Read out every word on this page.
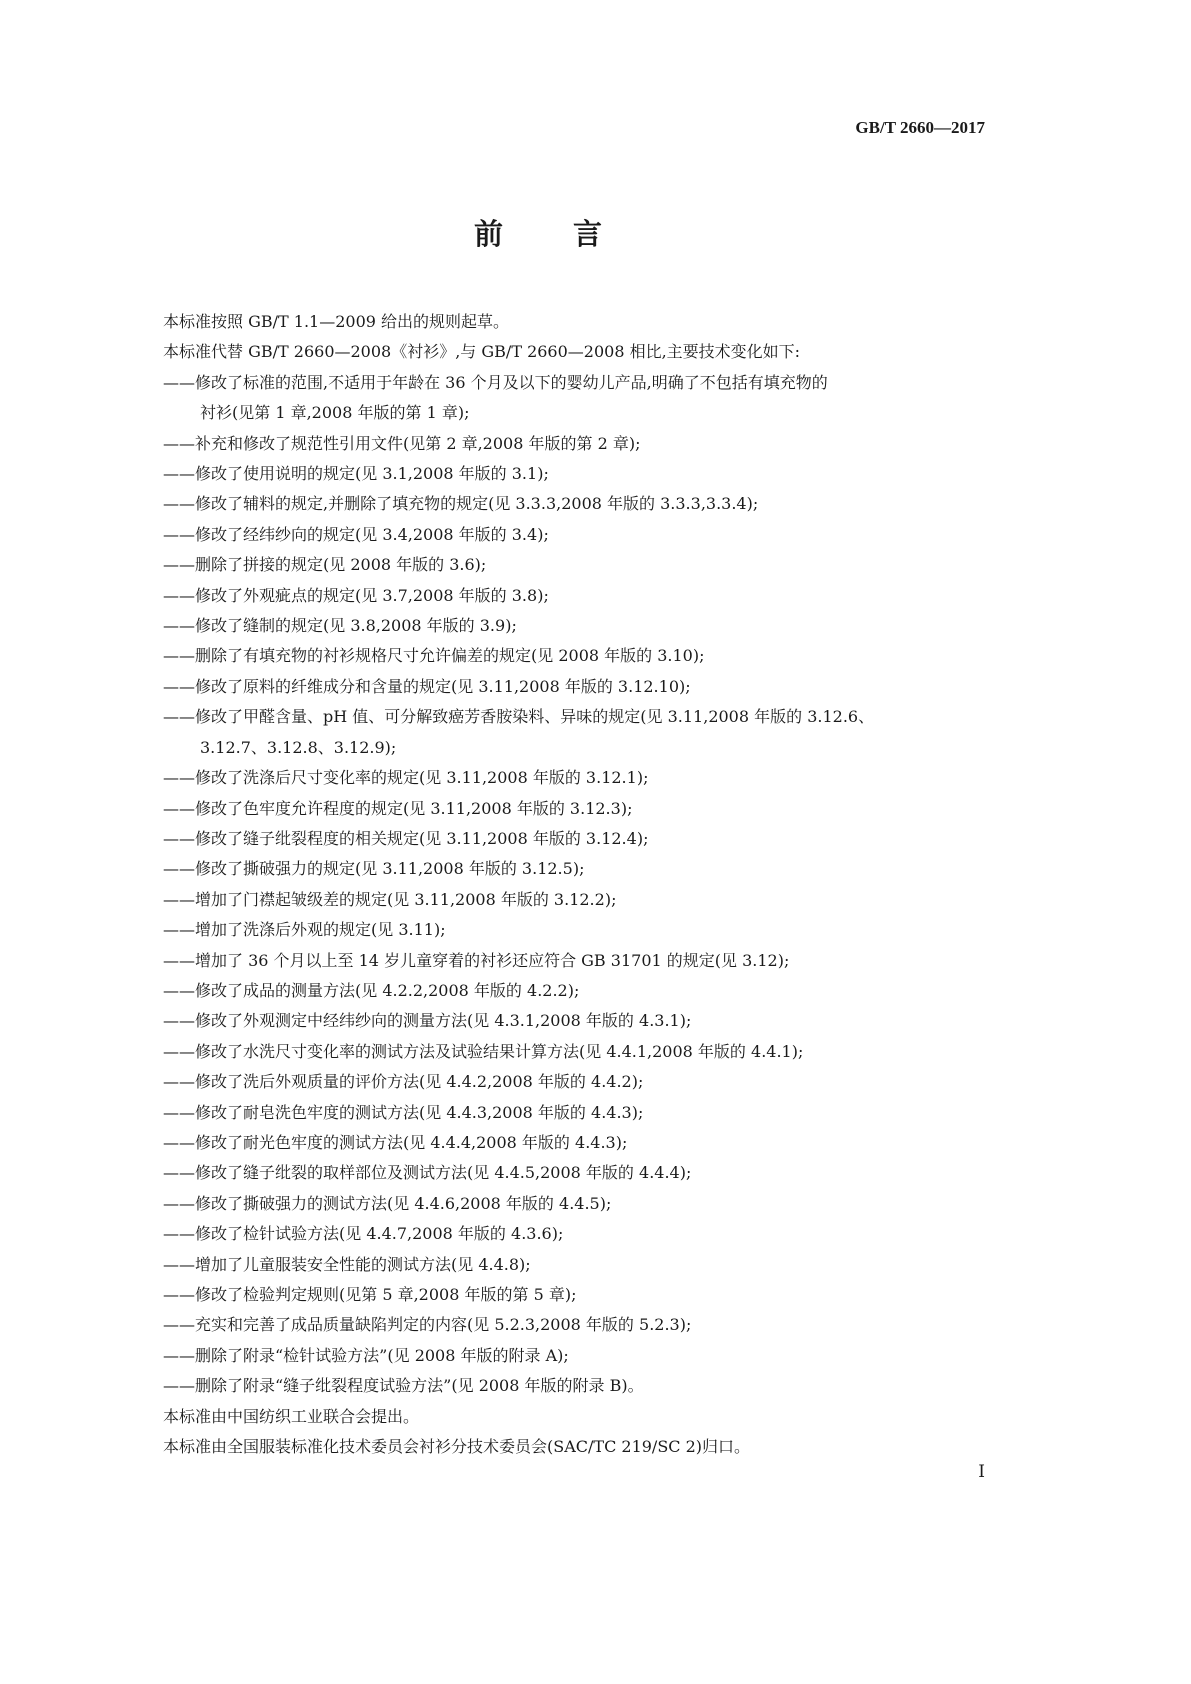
GB/T 2660—2017
前 言
本标准按照 GB/T 1.1—2009 给出的规则起草。
本标准代替 GB/T 2660—2008《衬衫》,与 GB/T 2660—2008 相比,主要技术变化如下:
——修改了标准的范围,不适用于年龄在 36 个月及以下的婴幼儿产品,明确了不包括有填充物的
衬衫(见第 1 章,2008 年版的第 1 章);
——补充和修改了规范性引用文件(见第 2 章,2008 年版的第 2 章);
——修改了使用说明的规定(见 3.1,2008 年版的 3.1);
——修改了辅料的规定,并删除了填充物的规定(见 3.3.3,2008 年版的 3.3.3,3.3.4);
——修改了经纬纱向的规定(见 3.4,2008 年版的 3.4);
——删除了拼接的规定(见 2008 年版的 3.6);
——修改了外观疵点的规定(见 3.7,2008 年版的 3.8);
——修改了缝制的规定(见 3.8,2008 年版的 3.9);
——删除了有填充物的衬衫规格尺寸允许偏差的规定(见 2008 年版的 3.10);
——修改了原料的纤维成分和含量的规定(见 3.11,2008 年版的 3.12.10);
——修改了甲醛含量、pH 值、可分解致癌芳香胺染料、异味的规定(见 3.11,2008 年版的 3.12.6、
3.12.7、3.12.8、3.12.9);
——修改了洗涤后尺寸变化率的规定(见 3.11,2008 年版的 3.12.1);
——修改了色牢度允许程度的规定(见 3.11,2008 年版的 3.12.3);
——修改了缝子纰裂程度的相关规定(见 3.11,2008 年版的 3.12.4);
——修改了撕破强力的规定(见 3.11,2008 年版的 3.12.5);
——增加了门襟起皱级差的规定(见 3.11,2008 年版的 3.12.2);
——增加了洗涤后外观的规定(见 3.11);
——增加了 36 个月以上至 14 岁儿童穿着的衬衫还应符合 GB 31701 的规定(见 3.12);
——修改了成品的测量方法(见 4.2.2,2008 年版的 4.2.2);
——修改了外观测定中经纬纱向的测量方法(见 4.3.1,2008 年版的 4.3.1);
——修改了水洗尺寸变化率的测试方法及试验结果计算方法(见 4.4.1,2008 年版的 4.4.1);
——修改了洗后外观质量的评价方法(见 4.4.2,2008 年版的 4.4.2);
——修改了耐皂洗色牢度的测试方法(见 4.4.3,2008 年版的 4.4.3);
——修改了耐光色牢度的测试方法(见 4.4.4,2008 年版的 4.4.3);
——修改了缝子纰裂的取样部位及测试方法(见 4.4.5,2008 年版的 4.4.4);
——修改了撕破强力的测试方法(见 4.4.6,2008 年版的 4.4.5);
——修改了检针试验方法(见 4.4.7,2008 年版的 4.3.6);
——增加了儿童服装安全性能的测试方法(见 4.4.8);
——修改了检验判定规则(见第 5 章,2008 年版的第 5 章);
——充实和完善了成品质量缺陷判定的内容(见 5.2.3,2008 年版的 5.2.3);
——删除了附录“检针试验方法”(见 2008 年版的附录 A);
——删除了附录“缝子纰裂程度试验方法”(见 2008 年版的附录 B)。
本标准由中国纺织工业联合会提出。
本标准由全国服装标准化技术委员会衬衫分技术委员会(SAC/TC 219/SC 2)归口。
I
